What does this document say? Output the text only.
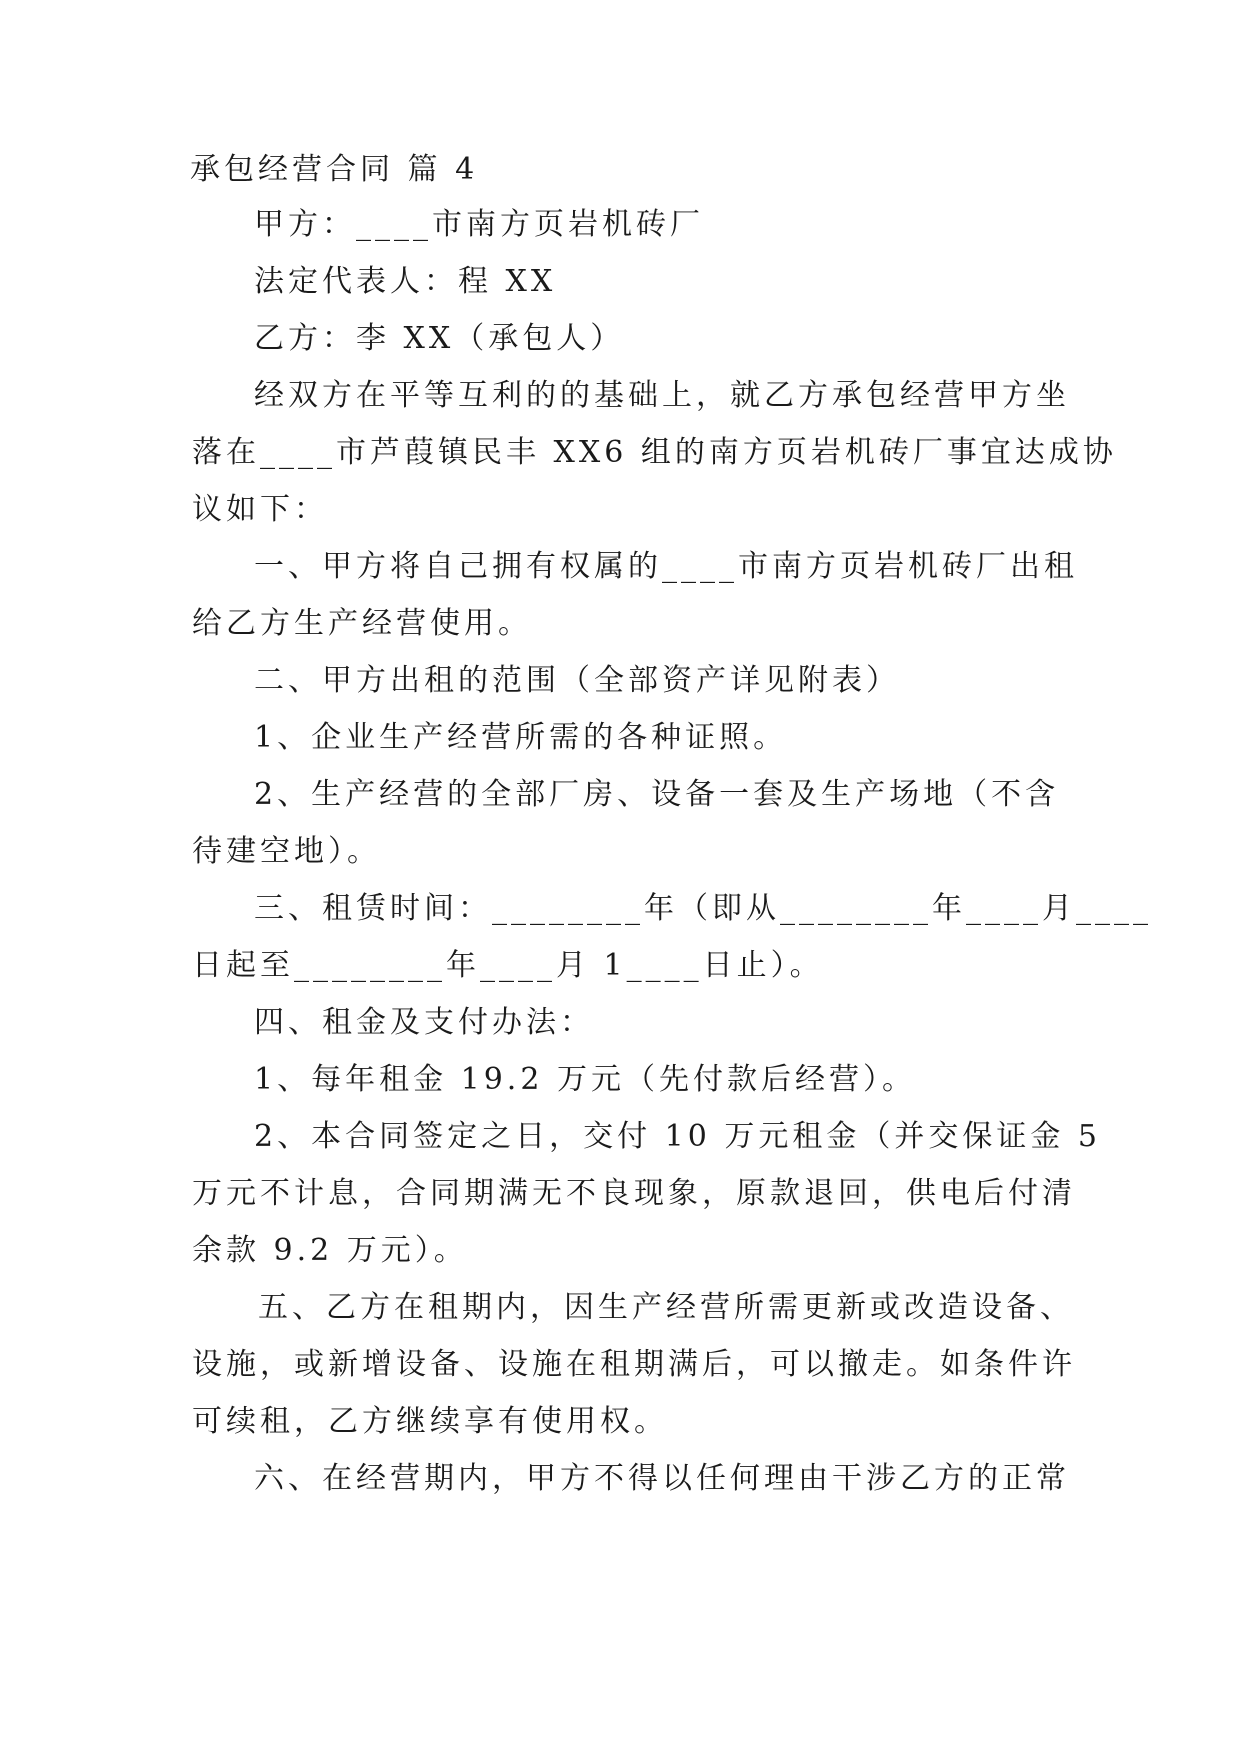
承包经营合同 篇 4
甲方：____市南方页岩机砖厂
法定代表人：程 XX
乙方：李 XX（承包人）
经双方在平等互利的的基础上，就乙方承包经营甲方坐
落在____市芦葭镇民丰 XX6 组的南方页岩机砖厂事宜达成协
议如下：
一、甲方将自己拥有权属的____市南方页岩机砖厂出租
给乙方生产经营使用。
二、甲方出租的范围（全部资产详见附表）
1、企业生产经营所需的各种证照。
2、生产经营的全部厂房、设备一套及生产场地（不含
待建空地）。
三、租赁时间：________年（即从________年____月____
日起至________年____月 1____日止）。
四、租金及支付办法：
1、每年租金 19.2 万元（先付款后经营）。
2、本合同签定之日，交付 10 万元租金（并交保证金 5
万元不计息，合同期满无不良现象，原款退回，供电后付清
余款 9.2 万元）。
五、乙方在租期内，因生产经营所需更新或改造设备、
设施，或新增设备、设施在租期满后，可以撤走。如条件许
可续租，乙方继续享有使用权。
六、在经营期内，甲方不得以任何理由干涉乙方的正常
